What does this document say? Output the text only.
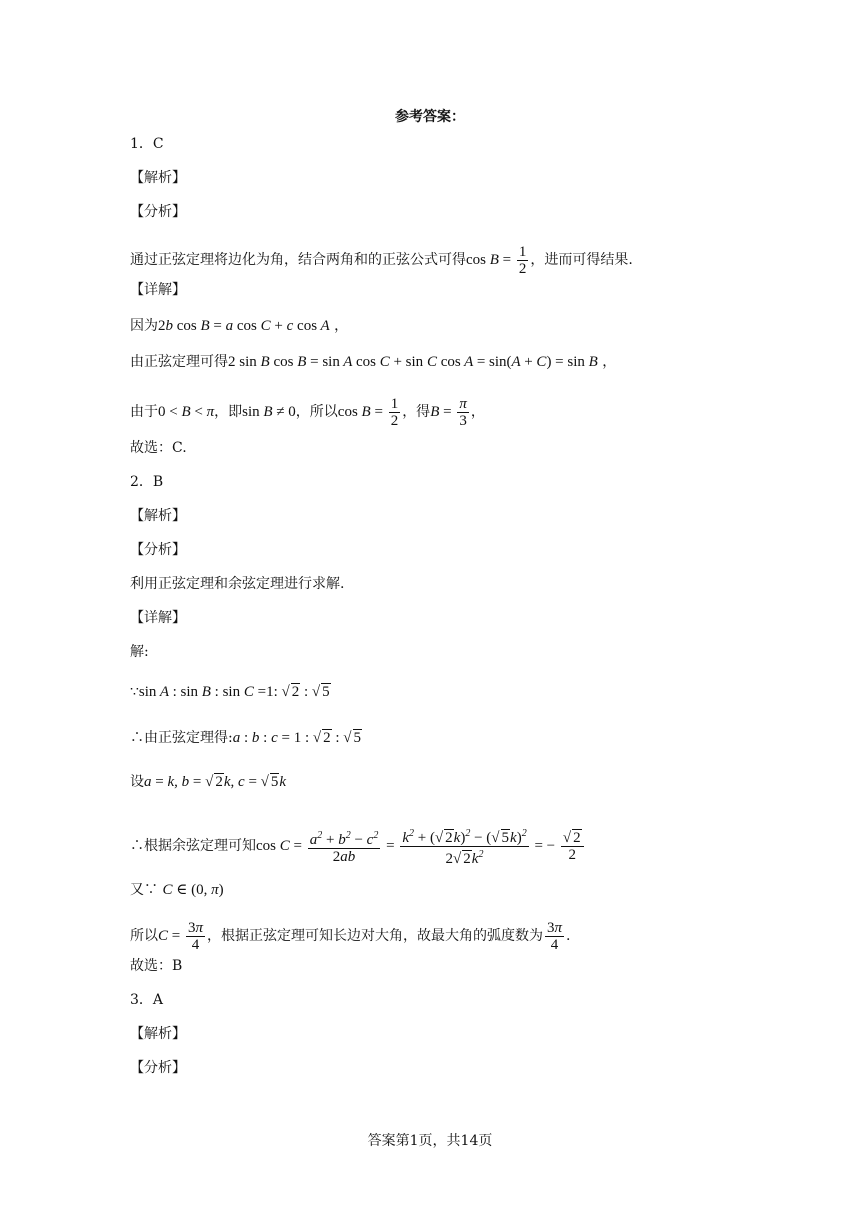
参考答案：
1．C
【解析】
【分析】
通过正弦定理将边化为角，结合两角和的正弦公式可得$\cos B = \frac{1}{2}$ ，进而可得结果.
【详解】
因为2b cos B = a cos C + c cos A ，
由正弦定理可得2 sin B cos B = sin A cos C + sin C cos A = sin(A + C) = sin B ，
由于0 < B < π，即sin B ≠ 0，所以$\cos B = \frac{1}{2}$ ，得$B = \frac{\pi}{3}$ ，
故选：C.
2．B
【解析】
【分析】
利用正弦定理和余弦定理进行求解.
【详解】
解:
∵sin A : sin B : sin C =1: √ 2 : √ 5
∴由正弦定理得:a : b : c = 1 : √ 2 : √ 5
设a = k, b = √ 2k, c = √ 5k
∴根据余弦定理可知$\cos C = \frac{a^2 + b^2 - c^2}{2ab} = \frac{k^2 + (√ 2k)^2 - (√ 5k)^2}{2√ 2k^2}$ = − $\frac{√ 2}{2}$
又∵ C ∈ (0, π)
所以$C = \frac{3\pi}{4}$ ，根据正弦定理可知长边对大角，故最大角的弧度数为 $\frac{3\pi}{4}$ .
故选：B
3．A
【解析】
【分析】
答案第1页，共14页
